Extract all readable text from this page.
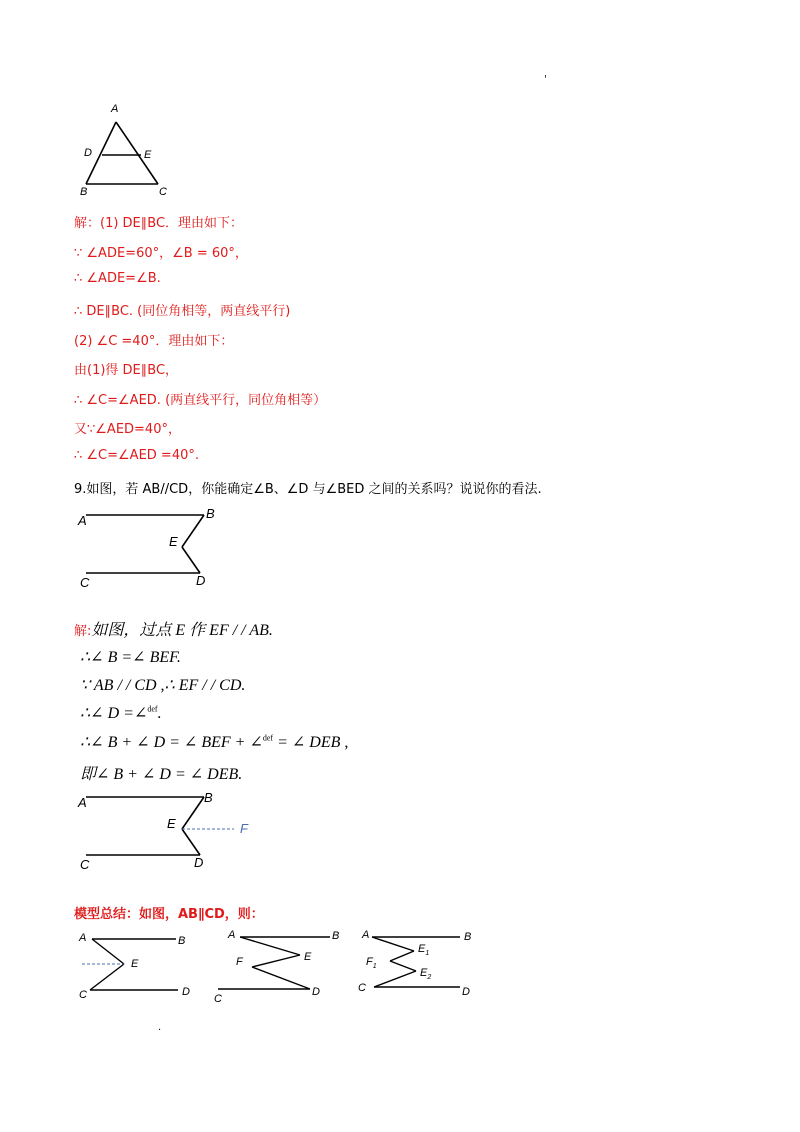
'
A
D	E
B	C
解：(1) DE∥BC．理由如下：
∵ ∠ADE=60°，∠B = 60°，
∴ ∠ADE=∠B.
∴ DE∥BC. (同位角相等，两直线平行)
(2) ∠C =40°．理由如下：
由(1)得 DE∥BC，
∴ ∠C=∠AED. (两直线平行，同位角相等）
又∵∠AED=40°，
∴ ∠C=∠AED =40°.
9.如图，若 AB//CD，你能确定∠B、∠D 与∠BED 之间的关系吗？说说你的看法.
A	B
E
C	D
解:如图，过点 E 作 EF / / AB.
∴∠ B =∠ BEF.
∵ AB / / CD ,∴ EF / / CD.
∴∠ D =∠$^{def}$.
∴∠ B + ∠ D = ∠ BEF + ∠$^{def}$ = ∠ DEB ,
即∠ B + ∠ D = ∠ DEB.
A	B
E	F
C	D
模型总结：如图，AB∥CD，则：
A	B
E
C	D
A	B
F	E
C
D
A	B
$E_1$
$F_1$
$E_2$
C	D
.
